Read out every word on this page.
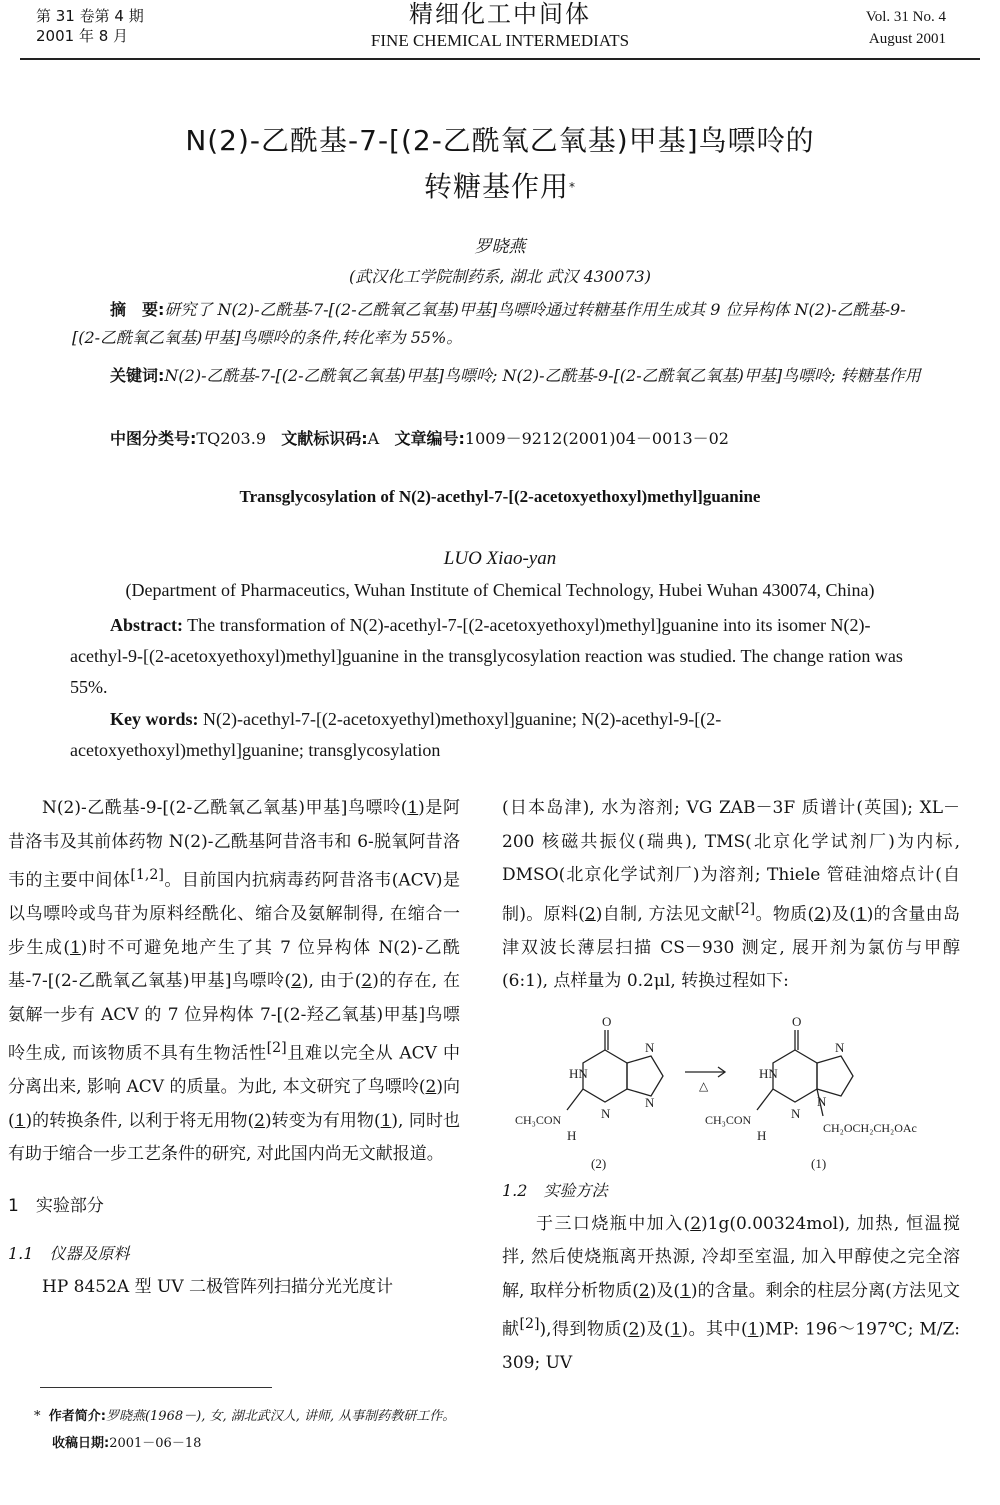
第 31 卷第 4 期
2001 年 8 月
精细化工中间体
FINE CHEMICAL INTERMEDIATS
Vol. 31 No. 4
August 2001
N(2)-乙酰基-7-[(2-乙酰氧乙氧基)甲基]鸟嘌呤的
转糖基作用*
罗晓燕
(武汉化工学院制药系, 湖北 武汉 430073)
摘　要:研究了 N(2)-乙酰基-7-[(2-乙酰氧乙氧基)甲基]鸟嘌呤通过转糖基作用生成其 9 位异构体 N(2)-乙酰基-9-[(2-乙酰氧乙氧基)甲基]鸟嘌呤的条件,转化率为 55%。
关键词:N(2)-乙酰基-7-[(2-乙酰氧乙氧基)甲基]鸟嘌呤; N(2)-乙酰基-9-[(2-乙酰氧乙氧基)甲基]鸟嘌呤; 转糖基作用
中图分类号:TQ203.9 文献标识码:A 文章编号:1009－9212(2001)04－0013－02
Transglycosylation of N(2)-acethyl-7-[(2-acetoxyethoxyl)methyl]guanine
LUO Xiao-yan
(Department of Pharmaceutics, Wuhan Institute of Chemical Technology, Hubei Wuhan 430074, China)
Abstract: The transformation of N(2)-acethyl-7-[(2-acetoxyethoxyl)methyl]guanine into its isomer N(2)-acethyl-9-[(2-acetoxyethoxyl)methyl]guanine in the transglycosylation reaction was studied. The change ration was 55%.
Key words: N(2)-acethyl-7-[(2-acetoxyethyl)methoxyl]guanine; N(2)-acethyl-9-[(2-acetoxyethoxyl)methyl]guanine; transglycosylation

N(2)-乙酰基-9-[(2-乙酰氧乙氧基)甲基]鸟嘌呤(1)是阿昔洛韦及其前体药物 N(2)-乙酰基阿昔洛韦和 6-脱氧阿昔洛韦的主要中间体[1,2]。目前国内抗病毒药阿昔洛韦(ACV)是以鸟嘌呤或鸟苷为原料经酰化、缩合及氨解制得, 在缩合一步生成(1)时不可避免地产生了其 7 位异构体 N(2)-乙酰基-7-[(2-乙酰氧乙氧基)甲基]鸟嘌呤(2), 由于(2)的存在, 在氨解一步有 ACV 的 7 位异构体 7-[(2-羟乙氧基)甲基]鸟嘌呤生成, 而该物质不具有生物活性[2]且难以完全从 ACV 中分离出来, 影响 ACV 的质量。为此, 本文研究了鸟嘌呤(2)向(1)的转换条件, 以利于将无用物(2)转变为有用物(1), 同时也有助于缩合一步工艺条件的研究, 对此国内尚无文献报道。

1　实验部分

1.1　仪器及原料

HP 8452A 型 UV 二极管阵列扫描分光光度计

(日本岛津), 水为溶剂; VG ZAB－3F 质谱计(英国); XL－200 核磁共振仪(瑞典), TMS(北京化学试剂厂)为内标, DMSO(北京化学试剂厂)为溶剂; Thiele 管硅油熔点计(自制)。原料(2)自制, 方法见文献[2]。物质(2)及(1)的含量由岛津双波长薄层扫描 CS－930 测定, 展开剂为氯仿与甲醇(6:1), 点样量为 0.2μl, 转换过程如下:

O
HN
N
N
N
CH₃CON
H
△
O
HN
N
N
N
CH₃CON
H	CH₂OCH₂CH₂OAc
(2)	(1)

1.2　实验方法

于三口烧瓶中加入(2)1g(0.00324mol), 加热, 恒温搅拌, 然后使烧瓶离开热源, 冷却至室温, 加入甲醇使之完全溶解, 取样分析物质(2)及(1)的含量。剩余的柱层分离(方法见文献[2]),得到物质(2)及(1)。其中(1)MP: 196～197℃; M/Z: 309; UV

* 作者简介:罗晓燕(1968－), 女, 湖北武汉人, 讲师, 从事制药教研工作。
收稿日期:2001－06－18
